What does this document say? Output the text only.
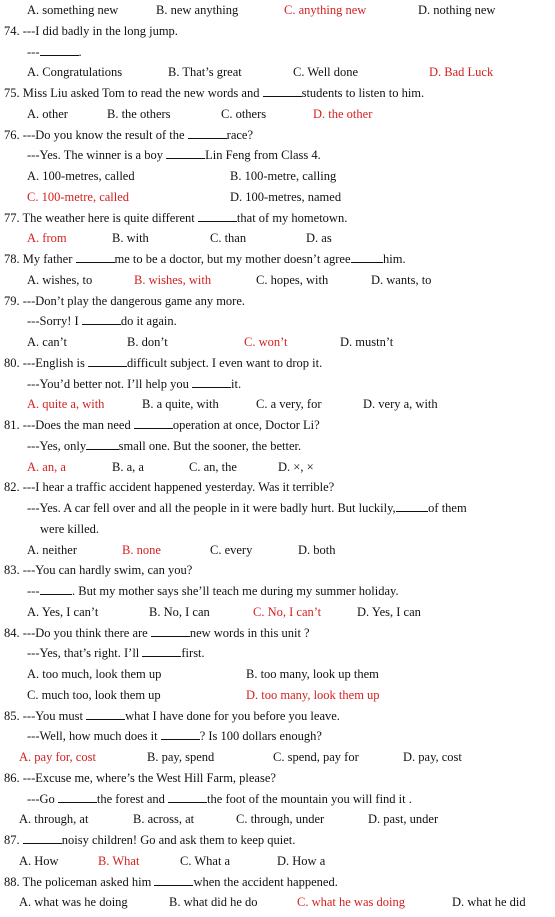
A. something new	B. new anything	C. anything new	D. nothing new
74. ---I did badly in the long jump.
---	.
A. Congratulations	B. That’s great	C. Well done	D. Bad Luck
75. Miss Liu asked Tom to read the new words and	students to listen to him.
A. other	B. the others	C. others	D. the other
76. ---Do you know the result of the	race?
---Yes. The winner is a boy	Lin Feng from Class 4.
A. 100-metres, called	B. 100-metre, calling
C. 100-metre, called	D. 100-metres, named
77. The weather here is quite different	that of my hometown.
A. from	B. with	C. than	D. as
78. My father	me to be a doctor, but my mother doesn’t agree	him.
A. wishes, to	B. wishes, with	C. hopes, with	D. wants, to
79. ---Don’t play the dangerous game any more.
---Sorry! I	do it again.
A. can’t	B. don’t	C. won’t	D. mustn’t
80. ---English is	difficult subject. I even want to drop it.
---You’d better not. I’ll help you	it.
A. quite a, with	B. a quite, with	C. a very, for	D. very a, with
81. ---Does the man need	operation at once, Doctor Li?
---Yes, only	small one. But the sooner, the better.
A. an, a	B. a, a	C. an, the	D. ×, ×
82. ---I hear a traffic accident happened yesterday. Was it terrible?
---Yes. A car fell over and all the people in it were badly hurt. But luckily,	of them
were killed.
A. neither	B. none	C. every	D. both
83. ---You can hardly swim, can you?
---	. But my mother says she’ll teach me during my summer holiday.
A. Yes, I can’t	B. No, I can	C. No, I can’t	D. Yes, I can
84. ---Do you think there are	new words in this unit ?
---Yes, that’s right. I’ll	first.
A. too much, look them up	B. too many, look up them
C. much too, look them up	D. too many, look them up
85. ---You must	what I have done for you before you leave.
---Well, how much does it	? Is 100 dollars enough?
A. pay for, cost	B. pay, spend	C. spend, pay for	D. pay, cost
86. ---Excuse me, where’s the West Hill Farm, please?
---Go	the forest and	the foot of the mountain you will find it .
A. through, at	B. across, at	C. through, under	D. past, under
87.	noisy children! Go and ask them to keep quiet.
A. How	B. What	C. What a	D. How a
88. The policeman asked him	when the accident happened.
A. what was he doing	B. what did he do	C. what he was doing	D. what he did
